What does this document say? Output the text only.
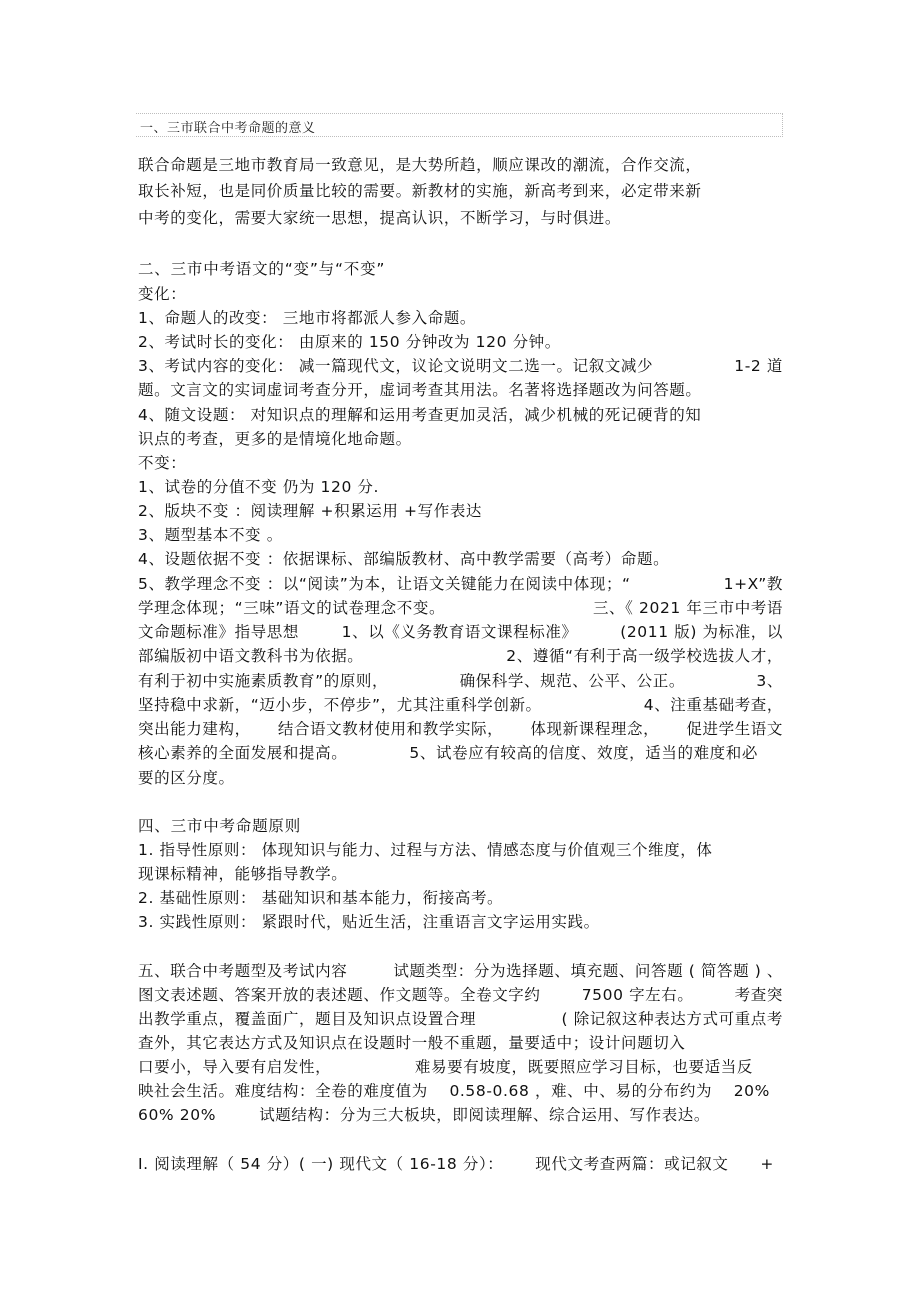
一、三市联合中考命题的意义
联合命题是三地市教育局一致意见，是大势所趋，顺应课改的潮流，合作交流，
取长补短，也是同价质量比较的需要。新教材的实施，新高考到来，必定带来新
中考的变化，需要大家统一思想，提高认识，不断学习，与时俱进。
二、三市中考语文的“变”与“不变”
变化：
1、命题人的改变： 三地市将都派人参入命题。
2、考试时长的变化： 由原来的 150 分钟改为 120 分钟。
3、考试内容的变化： 减一篇现代文，议论文说明文二选一。记叙文减少	1-2 道
题。文言文的实词虚词考查分开，虚词考查其用法。名著将选择题改为问答题。
4、随文设题： 对知识点的理解和运用考查更加灵活，减少机械的死记硬背的知
识点的考查，更多的是情境化地命题。
不变：
1、试卷的分值不变 仍为 120 分.
2、版块不变 ：阅读理解 +积累运用 +写作表达
3、题型基本不变 。
4、设题依据不变 ：依据课标、部编版教材、高中教学需要（高考）命题。
5、教学理念不变 ：以“阅读”为本，让语文关键能力在阅读中体现；“	1+X”教
学理念体现；“三味”语文的试卷理念不变。	三、《 2021 年三市中考语
文命题标准》指导思想	1、以《义务教育语文课程标准》	(2011 版) 为标准，以
部编版初中语文教科书为依据。	2、遵循“有利于高一级学校选拔人才，
有利于初中实施素质教育”的原则，	确保科学、规范、公平、公正。	3、
坚持稳中求新，“迈小步，不停步”，尤其注重科学创新。	4、注重基础考查，
突出能力建构， 结合语文教材使用和教学实际， 体现新课程理念， 促进学生语文
核心素养的全面发展和提高。	5、试卷应有较高的信度、效度，适当的难度和必
要的区分度。
四、三市中考命题原则
1. 指导性原则： 体现知识与能力、过程与方法、情感态度与价值观三个维度，体
现课标精神，能够指导教学。
2. 基础性原则： 基础知识和基本能力，衔接高考。
3. 实践性原则： 紧跟时代，贴近生活，注重语言文字运用实践。
五、联合中考题型及考试内容	试题类型：分为选择题、填充题、问答题 ( 简答题 ) 、
图文表述题、答案开放的表述题、作文题等。全卷文字约	7500 字左右。	考查突
出教学重点，覆盖面广，题目及知识点设置合理	( 除记叙这种表达方式可重点考
查外，其它表达方式及知识点在设题时一般不重题，量要适中；设计问题切入
口要小，导入要有启发性，	难易要有坡度，既要照应学习目标，也要适当反
映社会生活。难度结构：全卷的难度值为 0.58-0.68 ，难、中、易的分布约为 20%
60% 20%	试题结构：分为三大板块，即阅读理解、综合运用、写作表达。
Ⅰ. 阅读理解（ 54 分）( 一) 现代文（ 16-18 分）： 现代文考查两篇：或记叙文 +
